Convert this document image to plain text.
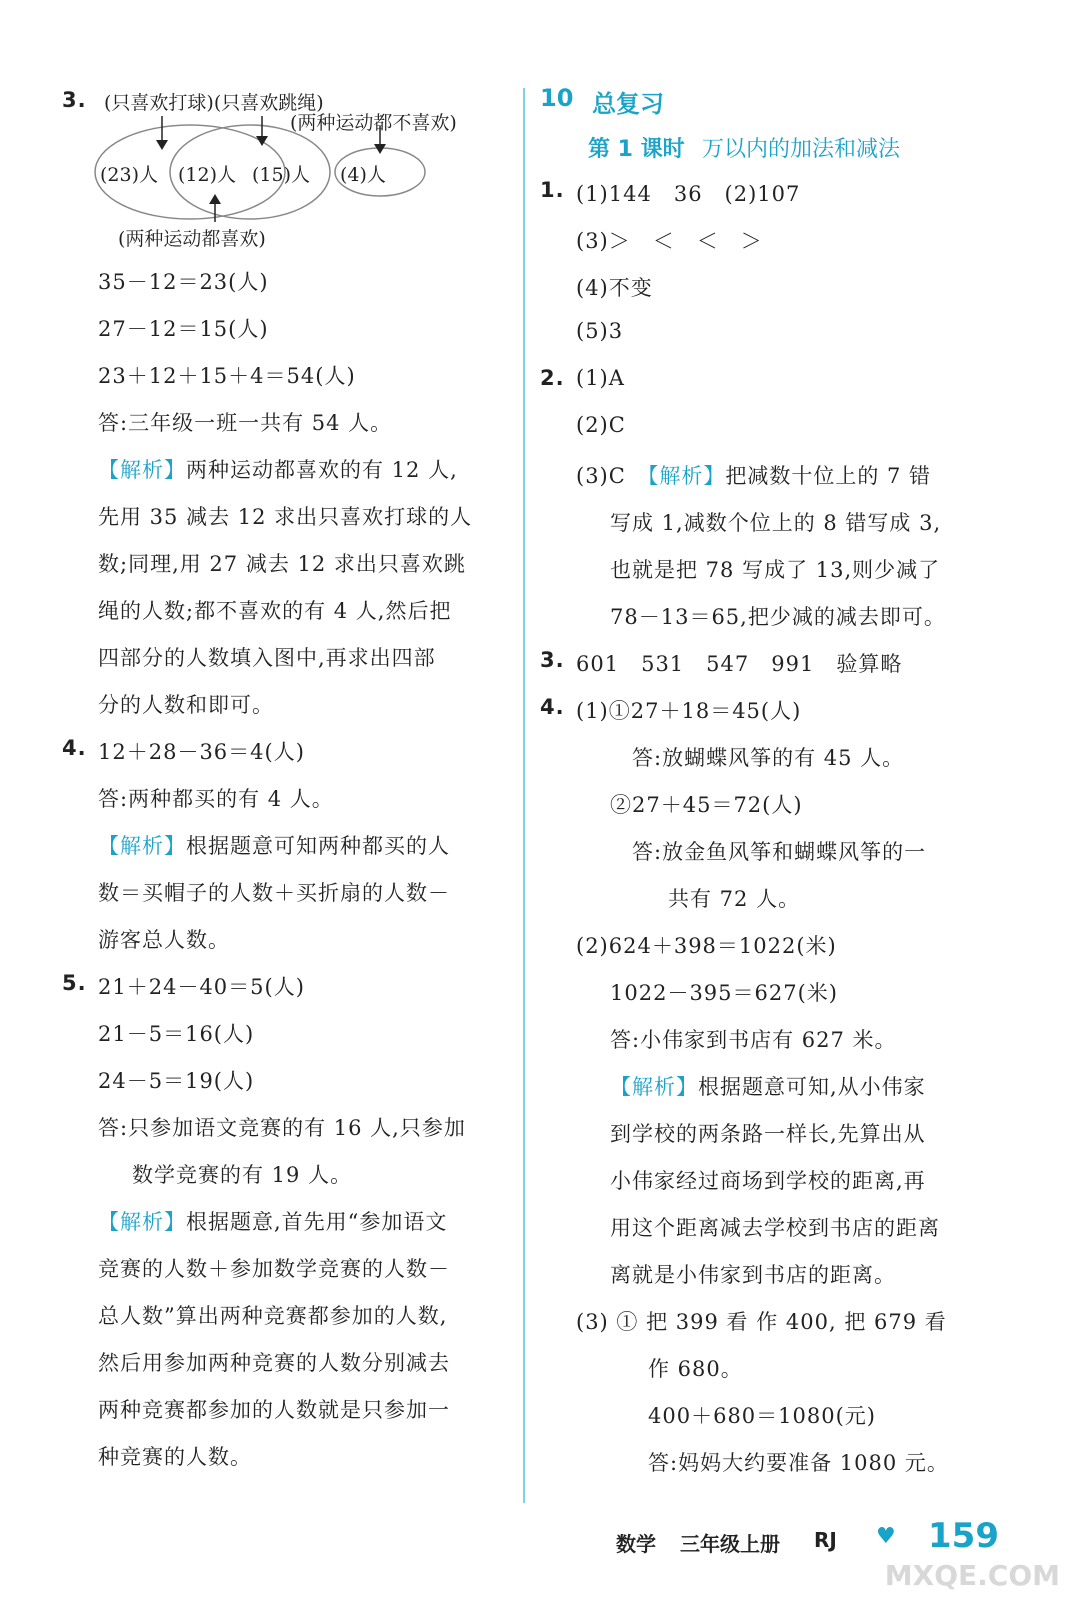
3. (只喜欢打球)(只喜欢跳绳)
(两种运动都不喜欢)
(23)人 (12)人 (15)人 (4)人
(两种运动都喜欢)
35－12＝23(人)
27－12＝15(人)
23＋12＋15＋4＝54(人)
答:三年级一班一共有 54 人。
【解析】两种运动都喜欢的有 12 人,
先用 35 减去 12 求出只喜欢打球的人
数;同理,用 27 减去 12 求出只喜欢跳
绳的人数;都不喜欢的有 4 人,然后把
四部分的人数填入图中,再求出四部
分的人数和即可。
4. 12＋28－36＝4(人)
答:两种都买的有 4 人。
【解析】根据题意可知两种都买的人
数＝买帽子的人数＋买折扇的人数－
游客总人数。
5. 21＋24－40＝5(人)
21－5＝16(人)
24－5＝19(人)
答:只参加语文竞赛的有 16 人,只参加
数学竞赛的有 19 人。
【解析】根据题意,首先用“参加语文
竞赛的人数＋参加数学竞赛的人数－
总人数”算出两种竞赛都参加的人数,
然后用参加两种竞赛的人数分别减去
两种竞赛都参加的人数就是只参加一
种竞赛的人数。
10 总复习
第 1 课时 万以内的加法和减法
1. (1)144　36　(2)107
(3)＞　＜　＜　＞
(4)不变
(5)3
2. (1)A
(2)C
(3)C　 【解析】把减数十位上的 7 错
写成 1,减数个位上的 8 错写成 3,
也就是把 78 写成了 13,则少减了
78－13＝65,把少减的减去即可。
3. 601　531　547　991　验算略
4. (1)①27＋18＝45(人)
答:放蝴蝶风筝的有 45 人。
②27＋45＝72(人)
答:放金鱼风筝和蝴蝶风筝的一
共有 72 人。
(2)624＋398＝1022(米)
1022－395＝627(米)
答:小伟家到书店有 627 米。
【解析】根据题意可知,从小伟家
到学校的两条路一样长,先算出从
小伟家经过商场到学校的距离,再
用这个距离减去学校到书店的距离
离就是小伟家到书店的距离。
(3) ① 把 399 看 作 400, 把 679 看
作 680。
400＋680＝1080(元)
答:妈妈大约要准备 1080 元。
数学 三年级上册 RJ ♥ 159
MXQE.COM
